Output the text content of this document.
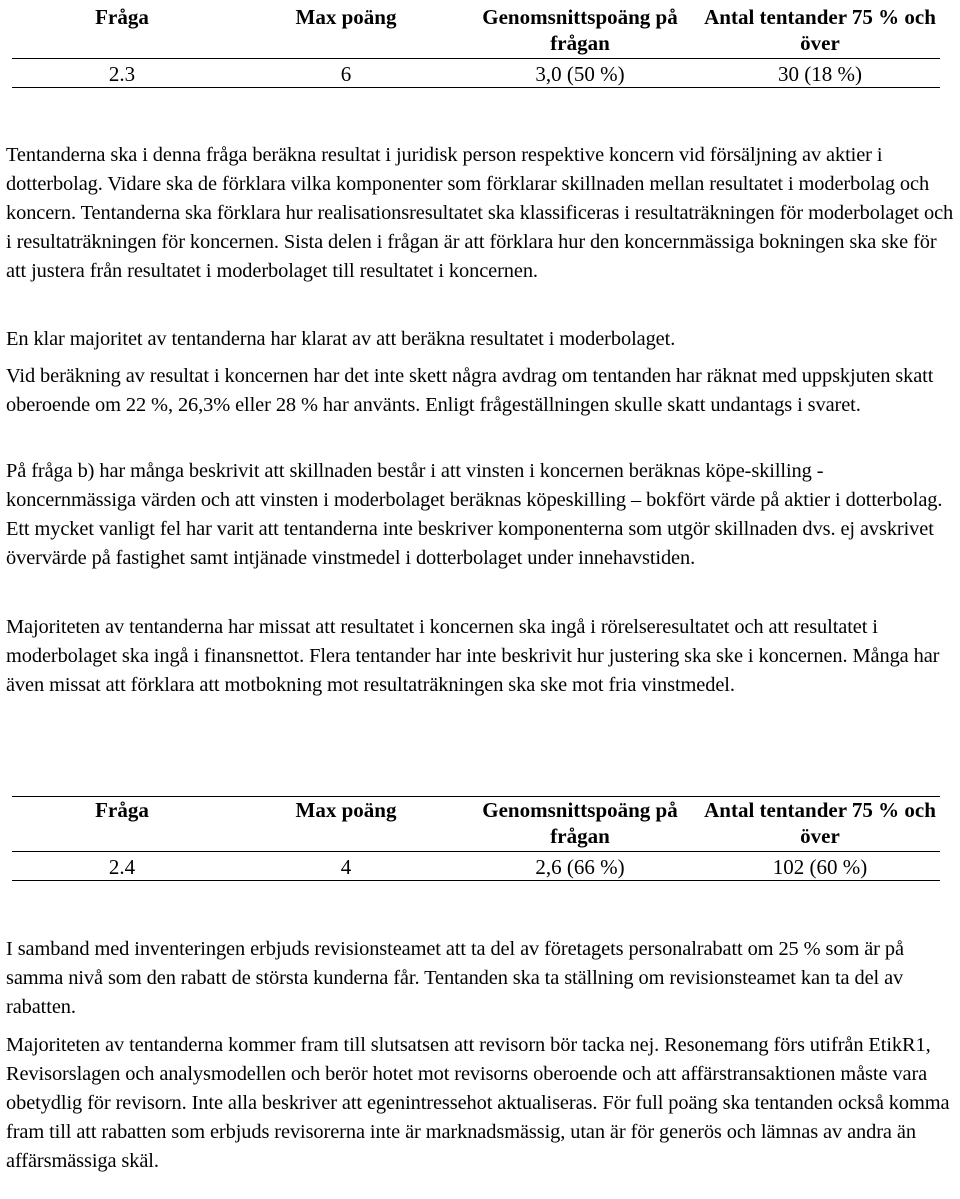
Fråga	Max poäng	Genomsnittspoäng på frågan	Antal tentander 75 % och över
2.3	6	3,0 (50 %)	30 (18 %)

Tentanderna ska i denna fråga beräkna resultat i juridisk person respektive koncern vid försäljning av aktier i dotterbolag. Vidare ska de förklara vilka komponenter som förklarar skillnaden mellan resultatet i moderbolag och koncern. Tentanderna ska förklara hur realisationsresultatet ska klassificeras i resultaträkningen för moderbolaget och i resultaträkningen för koncernen. Sista delen i frågan är att förklara hur den koncernmässiga bokningen ska ske för att justera från resultatet i moderbolaget till resultatet i koncernen.

En klar majoritet av tentanderna har klarat av att beräkna resultatet i moderbolaget.

Vid beräkning av resultat i koncernen har det inte skett några avdrag om tentanden har räknat med uppskjuten skatt oberoende om 22 %, 26,3% eller 28 % har använts. Enligt frågeställningen skulle skatt undantags i svaret.

På fråga b) har många beskrivit att skillnaden består i att vinsten i koncernen beräknas köpe-skilling - koncernmässiga värden och att vinsten i moderbolaget beräknas köpeskilling – bokfört värde på aktier i dotterbolag. Ett mycket vanligt fel har varit att tentanderna inte beskriver komponenterna som utgör skillnaden dvs. ej avskrivet övervärde på fastighet samt intjänade vinstmedel i dotterbolaget under innehavstiden.

Majoriteten av tentanderna har missat att resultatet i koncernen ska ingå i rörelseresultatet och att resultatet i moderbolaget ska ingå i finansnettot. Flera tentander har inte beskrivit hur justering ska ske i koncernen. Många har även missat att förklara att motbokning mot resultaträkningen ska ske mot fria vinstmedel.

Fråga	Max poäng	Genomsnittspoäng på frågan	Antal tentander 75 % och över
2.4	4	2,6 (66 %)	102 (60 %)

I samband med inventeringen erbjuds revisionsteamet att ta del av företagets personalrabatt om 25 % som är på samma nivå som den rabatt de största kunderna får. Tentanden ska ta ställning om revisionsteamet kan ta del av rabatten.

Majoriteten av tentanderna kommer fram till slutsatsen att revisorn bör tacka nej. Resonemang förs utifrån EtikR1, Revisorslagen och analysmodellen och berör hotet mot revisorns oberoende och att affärstransaktionen måste vara obetydlig för revisorn. Inte alla beskriver att egenintressehot aktualiseras. För full poäng ska tentanden också komma fram till att rabatten som erbjuds revisorerna inte är marknadsmässig, utan är för generös och lämnas av andra än affärsmässiga skäl.
